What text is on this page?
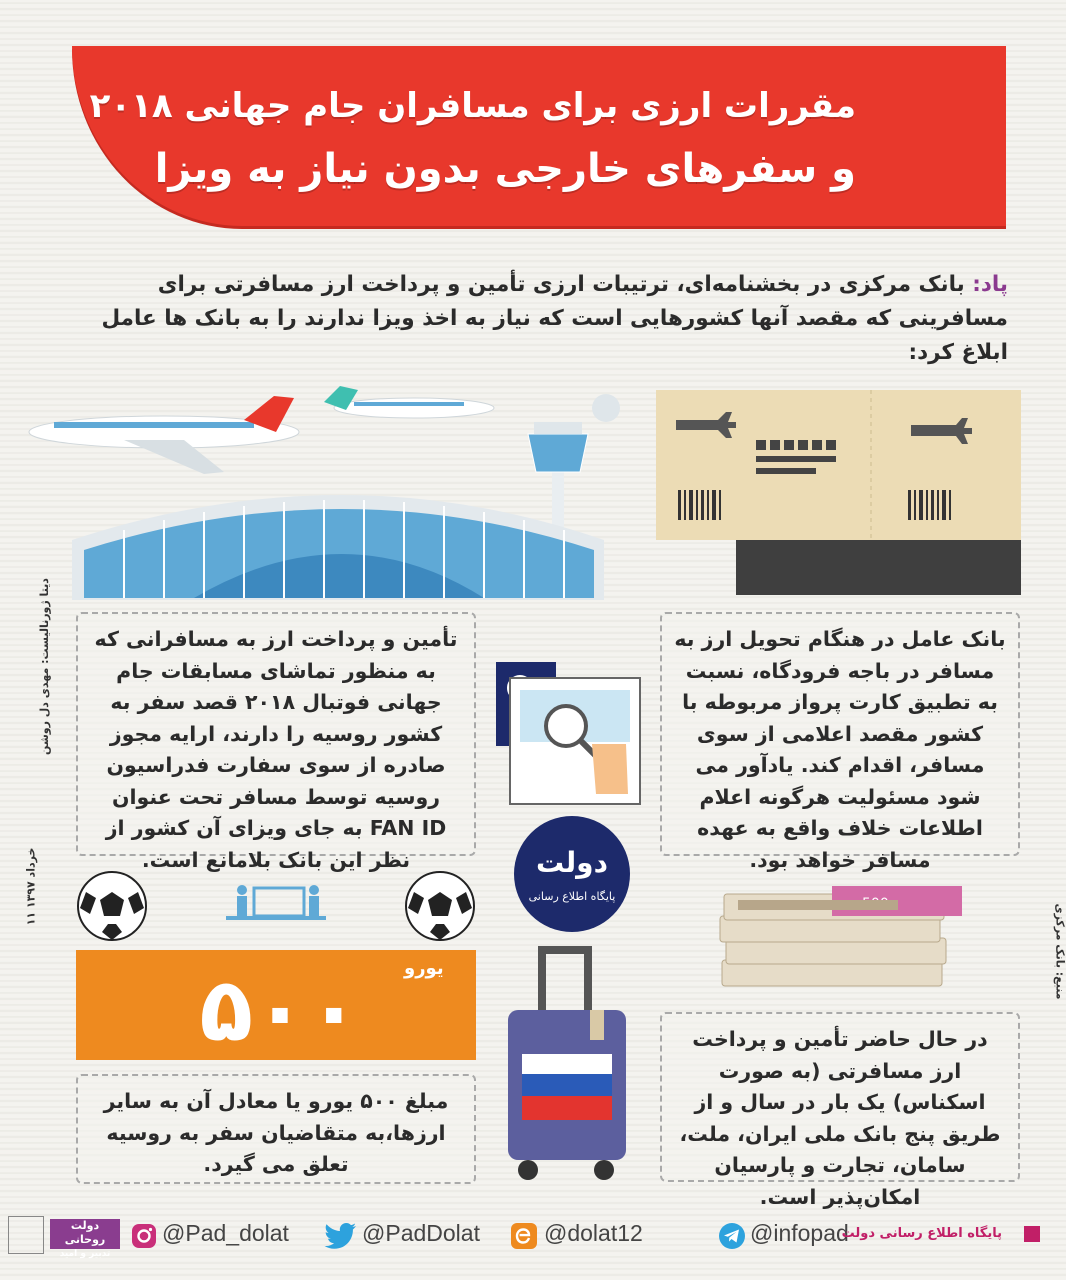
مقررات ارزی برای مسافران جام جهانی ۲۰۱۸
و سفرهای خارجی بدون نیاز به ویزا
پاد: بانک مرکزی در بخشنامه‌ای، ترتیبات ارزی تأمین و پرداخت ارز مسافرتی برای مسافرینی که مقصد آنها کشورهایی است که نیاز به اخذ ویزا ندارند را به بانک ها عامل ابلاغ کرد:
بانک عامل در هنگام تحویل ارز به مسافر در باجه فرودگاه، نسبت به تطبیق کارت پرواز مربوطه با کشور مقصد اعلامی از سوی مسافر، اقدام کند. یادآور می شود مسئولیت هرگونه اعلام اطلاعات خلاف واقع به عهده مسافر خواهد بود.
تأمین و پرداخت ارز به مسافرانی که به منظور تماشای مسابقات جام جهانی فوتبال ۲۰۱۸ قصد سفر به کشور روسیه را دارند، ارایه مجوز صادره از سوی سفارت فدراسیون روسیه توسط مسافر تحت عنوان FAN ID به جای ویزای آن کشور از نظر این بانک بلامانع است.	دولت
پایگاه اطلاع رسانی
۵۰۰	یورو
در حال حاضر تأمین و پرداخت ارز مسافرتی (به صورت اسکناس) یک بار در سال و از طریق پنج بانک ملی ایران، ملت، سامان، تجارت و پارسیان امکان‌پذیر است.
مبلغ ۵۰۰ یورو یا معادل آن به سایر ارزها،به متقاضیان سفر به روسیه تعلق می گیرد.
دیتا ژورنالیست: مهدی دل روشن
۱۱ خرداد ۱۳۹۷
منبع: بانک مرکزی
دولت روحانی
تدبیر و امید
@Pad_dolat	@PadDolat	@dolat12	@infopad
پایگاه اطلاع رسانی دولت
